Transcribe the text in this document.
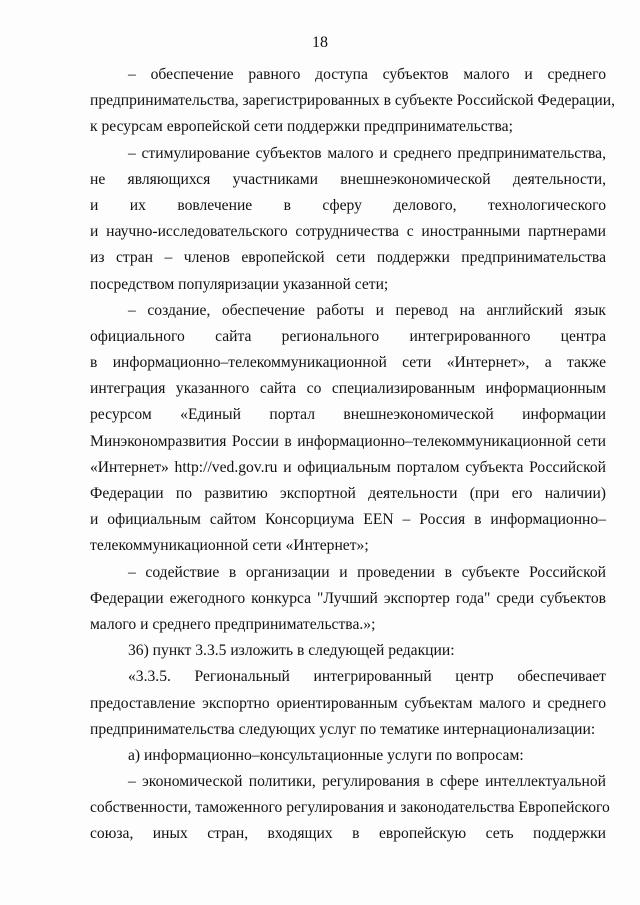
18
– обеспечение равного доступа субъектов малого и среднего
предпринимательства, зарегистрированных в субъекте Российской Федерации,
к ресурсам европейской сети поддержки предпринимательства;
– стимулирование субъектов малого и среднего предпринимательства,
не являющихся участниками внешнеэкономической деятельности,
и их вовлечение в сферу делового, технологического
и научно-исследовательского сотрудничества с иностранными партнерами
из стран – членов европейской сети поддержки предпринимательства
посредством популяризации указанной сети;
– создание, обеспечение работы и перевод на английский язык
официального сайта регионального интегрированного центра
в информационно–телекоммуникационной сети «Интернет», а также
интеграция указанного сайта со специализированным информационным
ресурсом «Единый портал внешнеэкономической информации
Минэкономразвития России в информационно–телекоммуникационной сети
«Интернет» http://ved.gov.ru и официальным порталом субъекта Российской
Федерации по развитию экспортной деятельности (при его наличии)
и официальным сайтом Консорциума EEN – Россия в информационно–
телекоммуникационной сети «Интернет»;
– содействие в организации и проведении в субъекте Российской
Федерации ежегодного конкурса "Лучший экспортер года" среди субъектов
малого и среднего предпринимательства.»;
36) пункт 3.3.5 изложить в следующей редакции:
«3.3.5. Региональный интегрированный центр обеспечивает
предоставление экспортно ориентированным субъектам малого и среднего
предпринимательства следующих услуг по тематике интернационализации:
а) информационно–консультационные услуги по вопросам:
– экономической политики, регулирования в сфере интеллектуальной
собственности, таможенного регулирования и законодательства Европейского
союза, иных стран, входящих в европейскую сеть поддержки
